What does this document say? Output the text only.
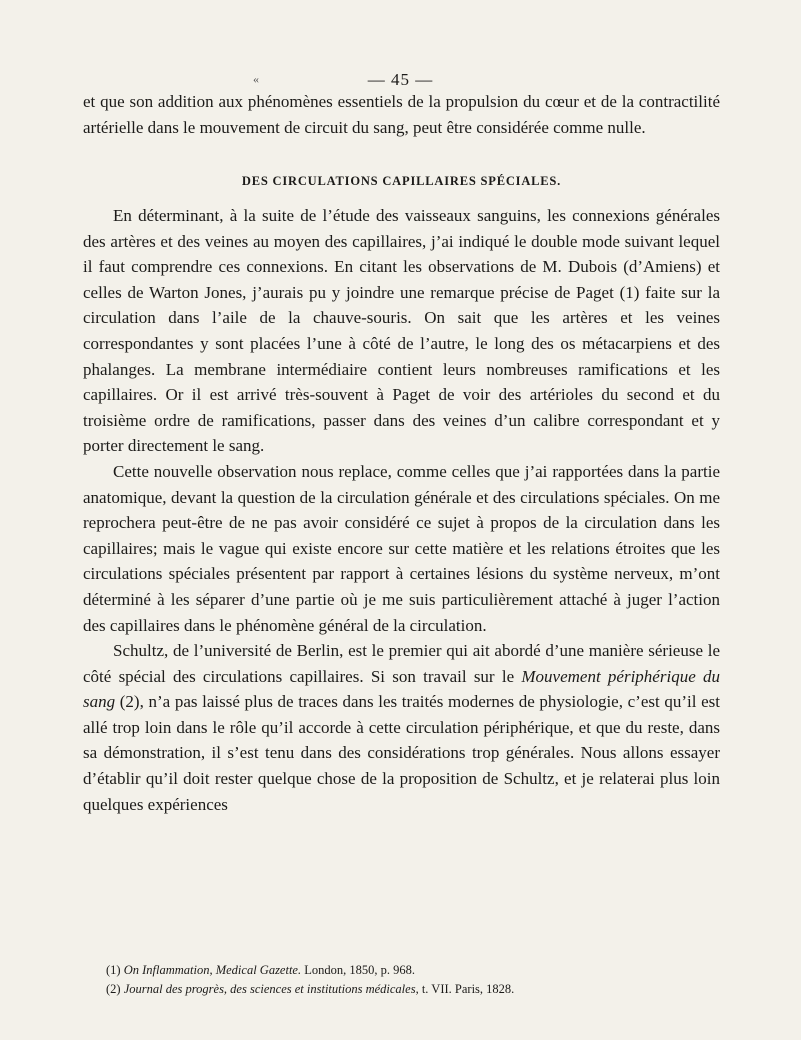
«	— 45 —

et que son addition aux phénomènes essentiels de la propulsion du cœur et de la contractilité artérielle dans le mouvement de circuit du sang, peut être considérée comme nulle.

DES CIRCULATIONS CAPILLAIRES SPÉCIALES.

En déterminant, à la suite de l’étude des vaisseaux sanguins, les connexions générales des artères et des veines au moyen des capillaires, j’ai indiqué le double mode suivant lequel il faut comprendre ces connexions. En citant les observations de M. Dubois (d’Amiens) et celles de Warton Jones, j’aurais pu y joindre une remarque précise de Paget (1) faite sur la circulation dans l’aile de la chauve-souris. On sait que les artères et les veines correspondantes y sont placées l’une à côté de l’autre, le long des os métacarpiens et des phalanges. La membrane intermédiaire contient leurs nombreuses ramifications et les capillaires. Or il est arrivé très-souvent à Paget de voir des artérioles du second et du troisième ordre de ramifications, passer dans des veines d’un calibre correspondant et y porter directement le sang.

Cette nouvelle observation nous replace, comme celles que j’ai rapportées dans la partie anatomique, devant la question de la circulation générale et des circulations spéciales. On me reprochera peut-être de ne pas avoir considéré ce sujet à propos de la circulation dans les capillaires; mais le vague qui existe encore sur cette matière et les relations étroites que les circulations spéciales présentent par rapport à certaines lésions du système nerveux, m’ont déterminé à les séparer d’une partie où je me suis particulièrement attaché à juger l’action des capillaires dans le phénomène général de la circulation.

Schultz, de l’université de Berlin, est le premier qui ait abordé d’une manière sérieuse le côté spécial des circulations capillaires. Si son travail sur le Mouvement périphérique du sang (2), n’a pas laissé plus de traces dans les traités modernes de physiologie, c’est qu’il est allé trop loin dans le rôle qu’il accorde à cette circulation périphérique, et que du reste, dans sa démonstration, il s’est tenu dans des considérations trop générales. Nous allons essayer d’établir qu’il doit rester quelque chose de la proposition de Schultz, et je relaterai plus loin quelques expériences

(1) On Inflammation, Medical Gazette. London, 1850, p. 968.

(2) Journal des progrès, des sciences et institutions médicales, t. VII. Paris, 1828.
